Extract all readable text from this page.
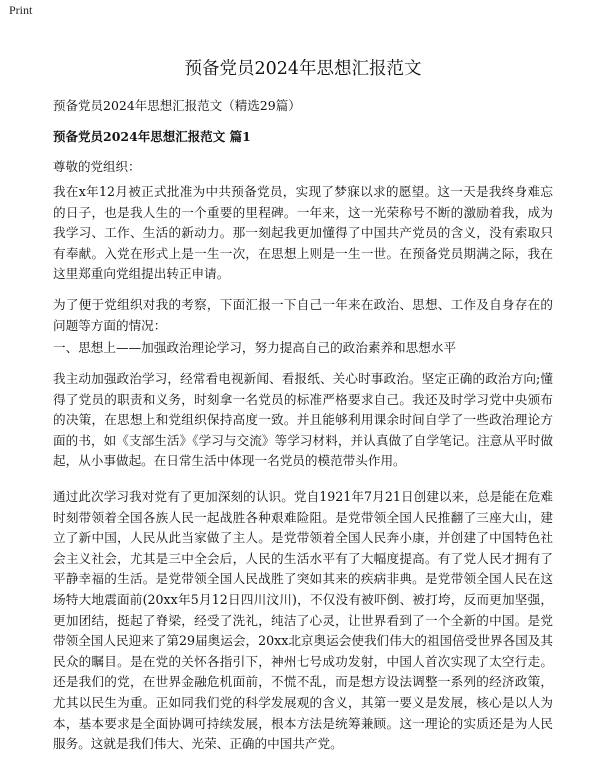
Print
预备党员2024年思想汇报范文

预备党员2024年思想汇报范文（精选29篇）

预备党员2024年思想汇报范文 篇1

尊敬的党组织：

我在x年12月被正式批准为中共预备党员，实现了梦寐以求的愿望。这一天是我终身难忘的日子，也是我人生的一个重要的里程碑。一年来，这一光荣称号不断的激励着我，成为我学习、工作、生活的新动力。那一刻起我更加懂得了中国共产党员的含义，没有索取只有奉献。入党在形式上是一生一次，在思想上则是一生一世。在预备党员期满之际，我在这里郑重向党组提出转正申请。

为了便于党组织对我的考察，下面汇报一下自己一年来在政治、思想、工作及自身存在的问题等方面的情况：

一、思想上——加强政治理论学习，努力提高自己的政治素养和思想水平

我主动加强政治学习，经常看电视新闻、看报纸、关心时事政治。坚定正确的政治方向;懂得了党员的职责和义务，时刻拿一名党员的标准严格要求自己。我还及时学习党中央颁布的决策，在思想上和党组织保持高度一致。并且能够利用课余时间自学了一些政治理论方面的书，如《支部生活》《学习与交流》等学习材料，并认真做了自学笔记。注意从平时做起，从小事做起。在日常生活中体现一名党员的模范带头作用。

通过此次学习我对党有了更加深刻的认识。党自1921年7月21日创建以来，总是能在危难时刻带领着全国各族人民一起战胜各种艰难险阻。是党带领全国人民推翻了三座大山，建立了新中国，人民从此当家做了主人。是党带领着全国人民奔小康，并创建了中国特色社会主义社会，尤其是三中全会后，人民的生活水平有了大幅度提高。有了党人民才拥有了平静幸福的生活。是党带领全国人民战胜了突如其来的疾病非典。是党带领全国人民在这场特大地震面前(20xx年5月12日四川汶川)，不仅没有被吓倒、被打垮，反而更加坚强，更加团结，挺起了脊梁，经受了洗礼，纯洁了心灵，让世界看到了一个全新的中国。是党带领全国人民迎来了第29届奥运会，20xx北京奥运会使我们伟大的祖国倍受世界各国及其民众的瞩目。是在党的关怀各指引下，神州七号成功发射，中国人首次实现了太空行走。还是我们的党，在世界金融危机面前，不慌不乱，而是想方设法调整一系列的经济政策，尤其以民生为重。正如同我们党的科学发展观的含义，其第一要义是发展，核心是以人为本，基本要求是全面协调可持续发展，根本方法是统筹兼顾。这一理论的实质还是为人民服务。这就是我们伟大、光荣、正确的中国共产党。
